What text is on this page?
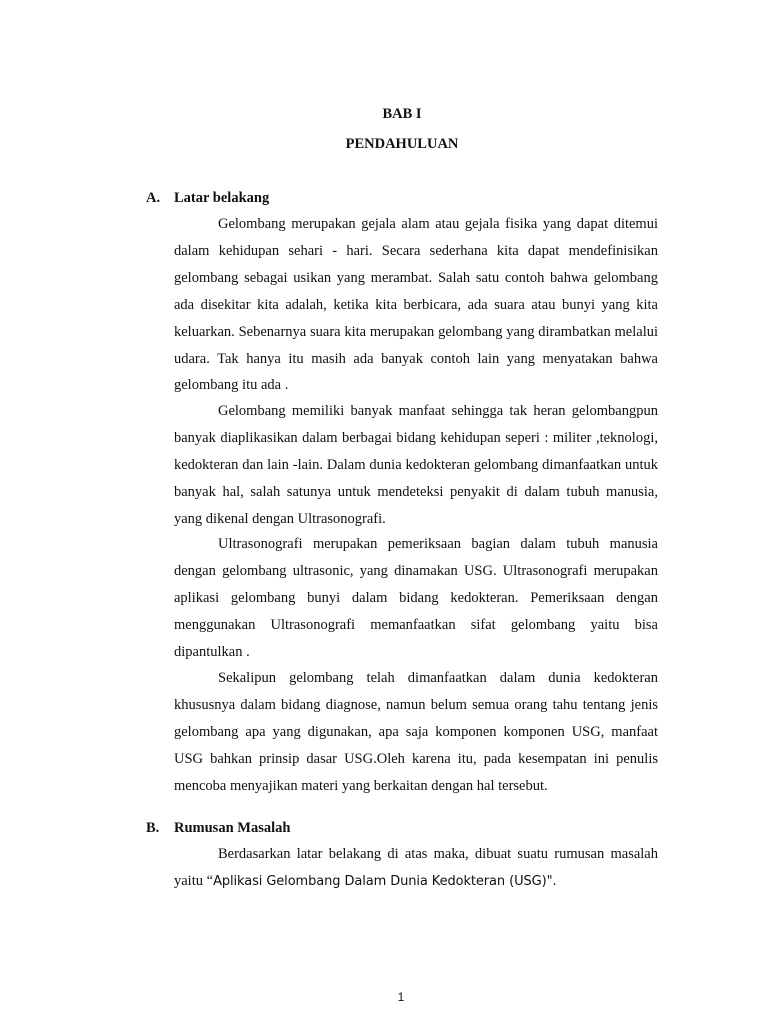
BAB I
PENDAHULUAN
A. Latar belakang

Gelombang merupakan gejala alam atau gejala fisika yang dapat ditemui dalam kehidupan sehari - hari. Secara sederhana kita dapat mendefinisikan gelombang sebagai usikan yang merambat. Salah satu contoh bahwa gelombang ada disekitar kita adalah, ketika kita berbicara, ada suara atau bunyi yang kita keluarkan. Sebenarnya suara kita merupakan gelombang yang dirambatkan melalui udara. Tak hanya itu masih ada banyak contoh lain yang menyatakan bahwa gelombang itu ada .

Gelombang memiliki banyak manfaat sehingga tak heran gelombangpun banyak diaplikasikan dalam berbagai bidang kehidupan seperi : militer ,teknologi, kedokteran dan lain -lain. Dalam dunia kedokteran gelombang dimanfaatkan untuk banyak hal, salah satunya untuk mendeteksi penyakit di dalam tubuh manusia, yang dikenal dengan Ultrasonografi.

Ultrasonografi merupakan pemeriksaan bagian dalam tubuh manusia dengan gelombang ultrasonic, yang dinamakan USG. Ultrasonografi merupakan aplikasi gelombang bunyi dalam bidang kedokteran. Pemeriksaan dengan menggunakan Ultrasonografi memanfaatkan sifat gelombang yaitu bisa dipantulkan .

Sekalipun gelombang telah dimanfaatkan dalam dunia kedokteran khususnya dalam bidang diagnose, namun belum semua orang tahu tentang jenis gelombang apa yang digunakan, apa saja komponen komponen USG, manfaat USG bahkan prinsip dasar USG.Oleh karena itu, pada kesempatan ini penulis mencoba menyajikan materi yang berkaitan dengan hal tersebut.

B. Rumusan Masalah

Berdasarkan latar belakang di atas maka, dibuat suatu rumusan masalah yaitu “Aplikasi Gelombang Dalam Dunia Kedokteran (USG)".

1
